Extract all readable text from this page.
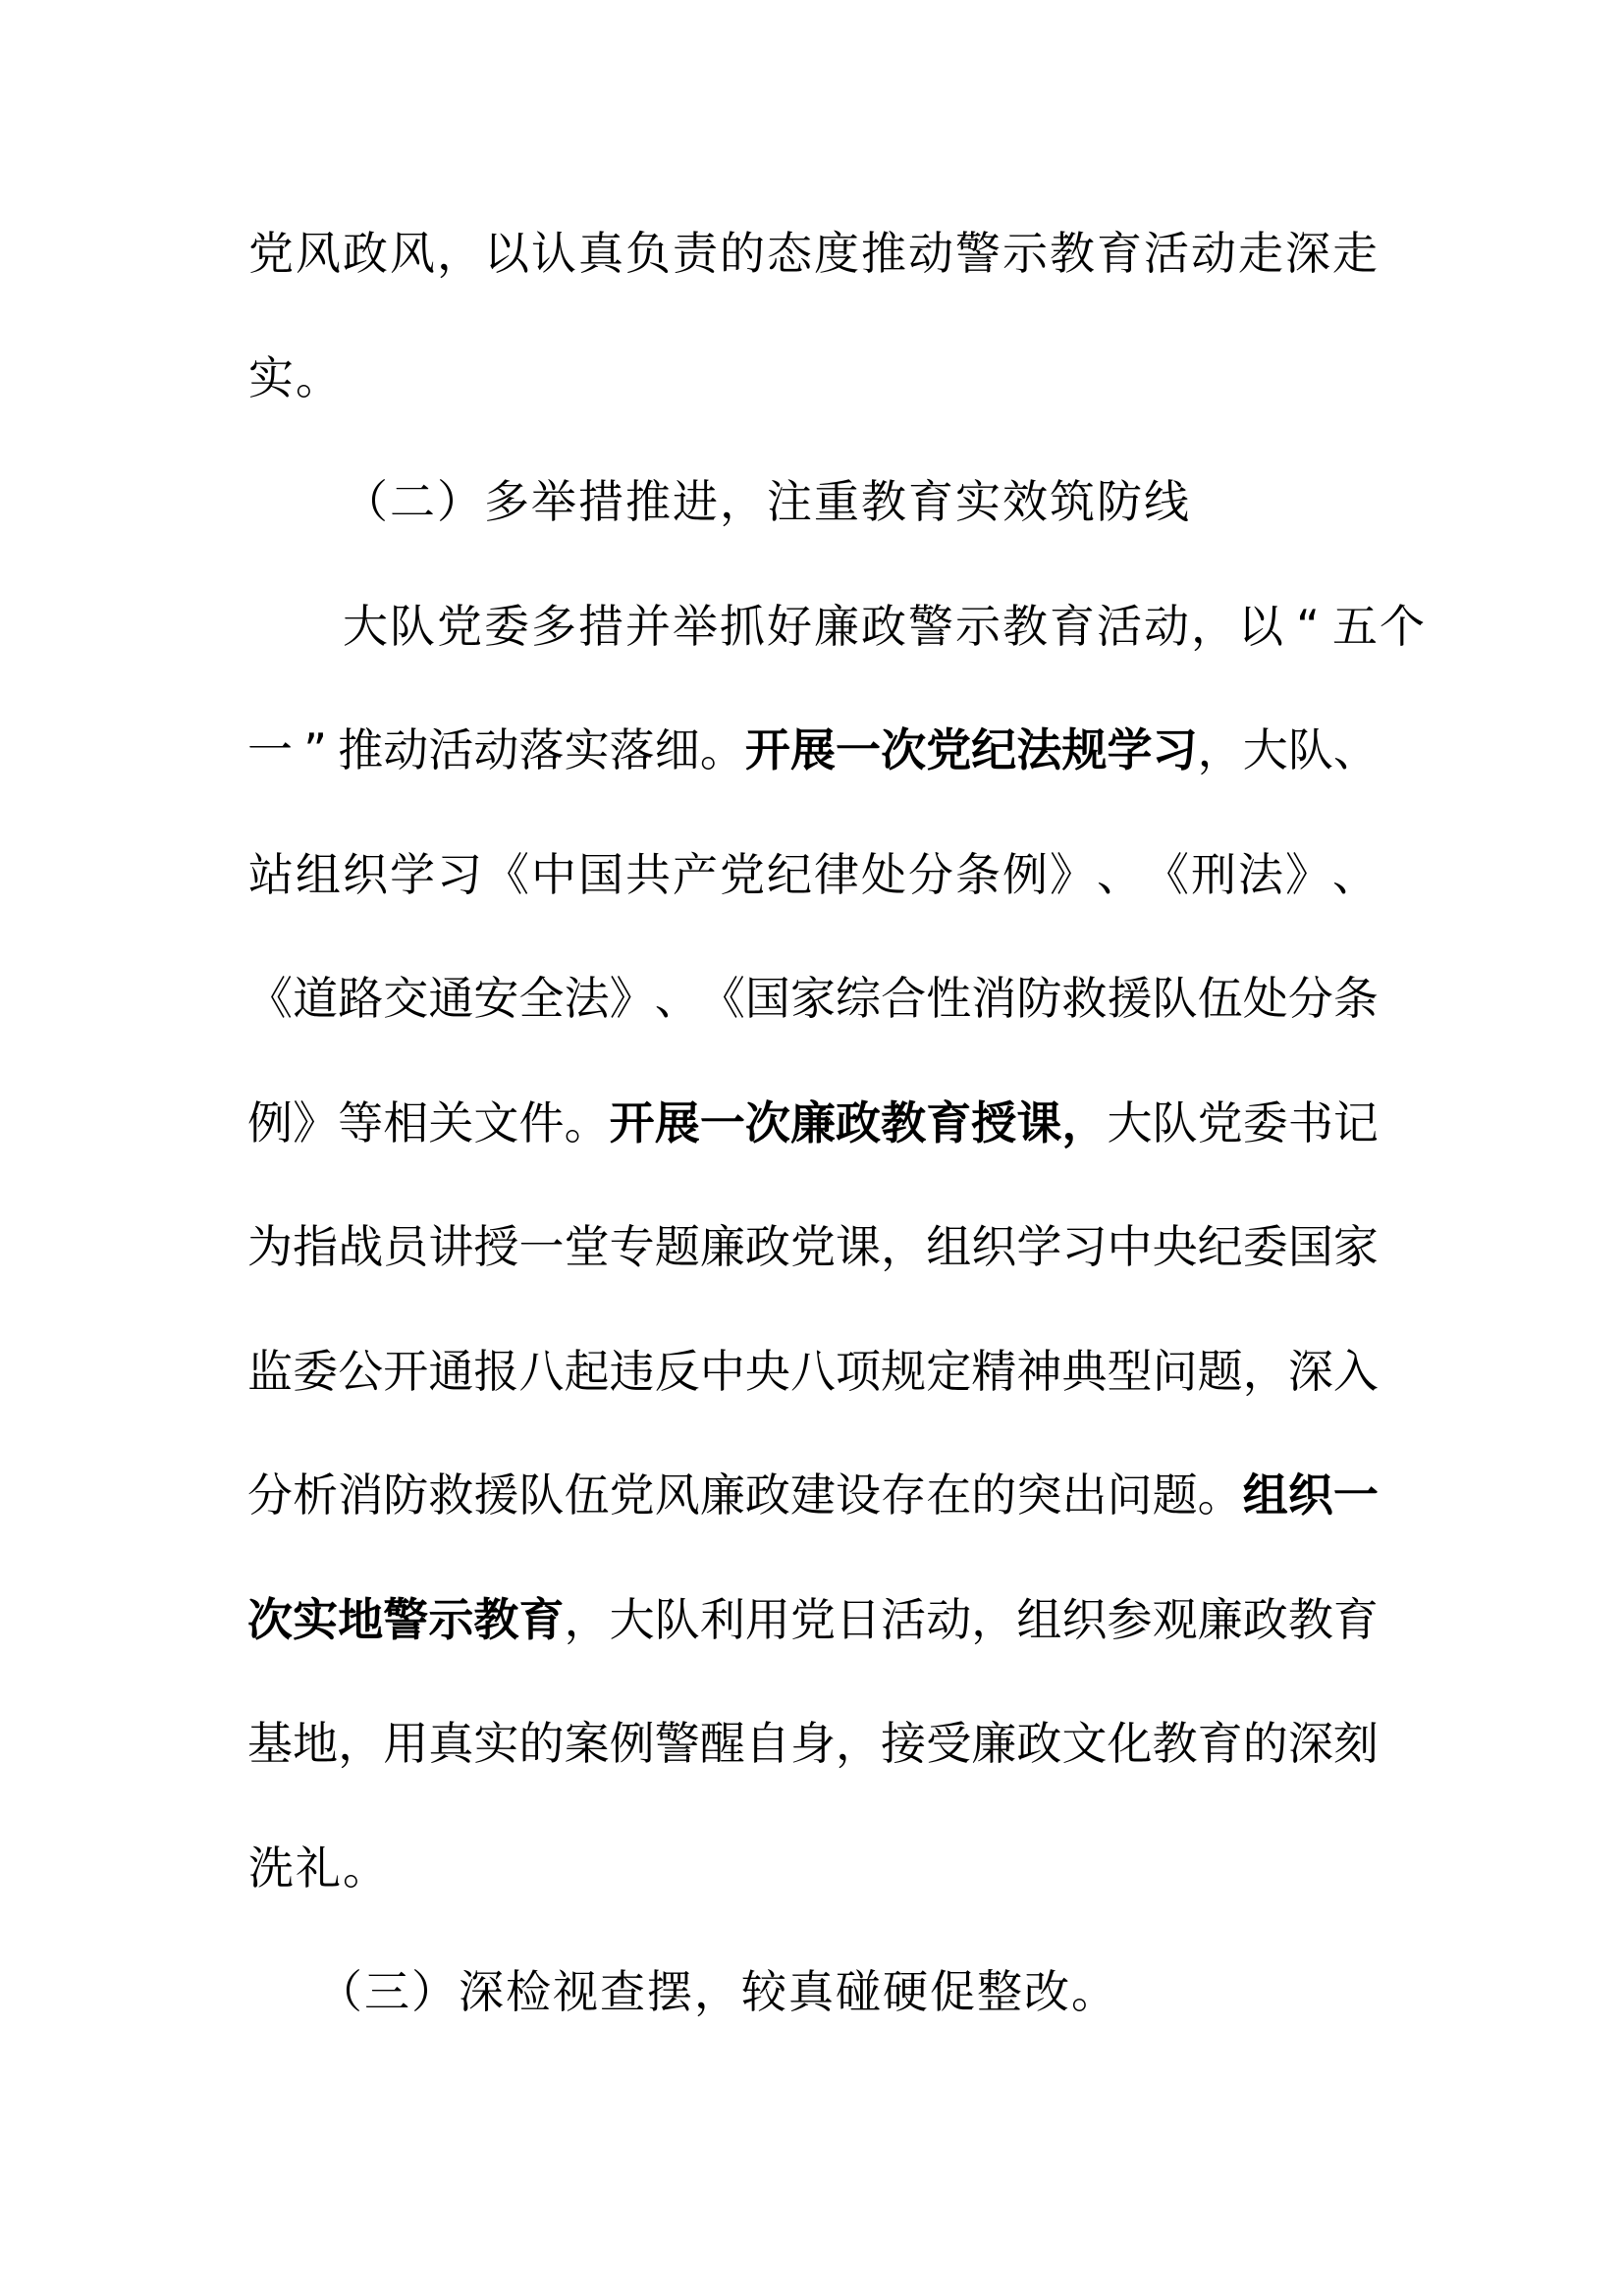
党 风 政 风 ， 以 认 真 负 责 的 态 度 推 动 警 示 教 育 活 动 走 深 走
实 。
（ 二 ） 多 举 措 推 进 ， 注 重 教 育 实 效 筑 防 线
大 队 党 委 多 措 并 举 抓 好 廉 政 警 示 教 育 活 动 ， 以 “ 五 个
一 ” 推 动 活 动 落 实 落 细 。 开 展 一 次 党 纪 法 规 学 习 ， 大 队 、
站 组 织 学 习 《 中 国 共 产 党 纪 律 处 分 条 例 》 、 《 刑 法 》 、
《 道 路 交 通 安 全 法 》 、 《 国 家 综 合 性 消 防 救 援 队 伍 处 分 条
例 》 等 相 关 文 件 。 开 展 一 次 廉 政 教 育 授 课 ， 大 队 党 委 书 记
为 指 战 员 讲 授 一 堂 专 题 廉 政 党 课 ， 组 织 学 习 中 央 纪 委 国 家
监 委 公 开 通 报 八 起 违 反 中 央 八 项 规 定 精 神 典 型 问 题 ， 深 入
分 析 消 防 救 援 队 伍 党 风 廉 政 建 设 存 在 的 突 出 问 题 。 组 织 一
次 实 地 警 示 教 育 ， 大 队 利 用 党 日 活 动 ， 组 织 参 观 廉 政 教 育
基 地 ， 用 真 实 的 案 例 警 醒 自 身 ， 接 受 廉 政 文 化 教 育 的 深 刻
洗 礼 。
（ 三 ） 深 检 视 查 摆 ， 较 真 碰 硬 促 整 改 。
